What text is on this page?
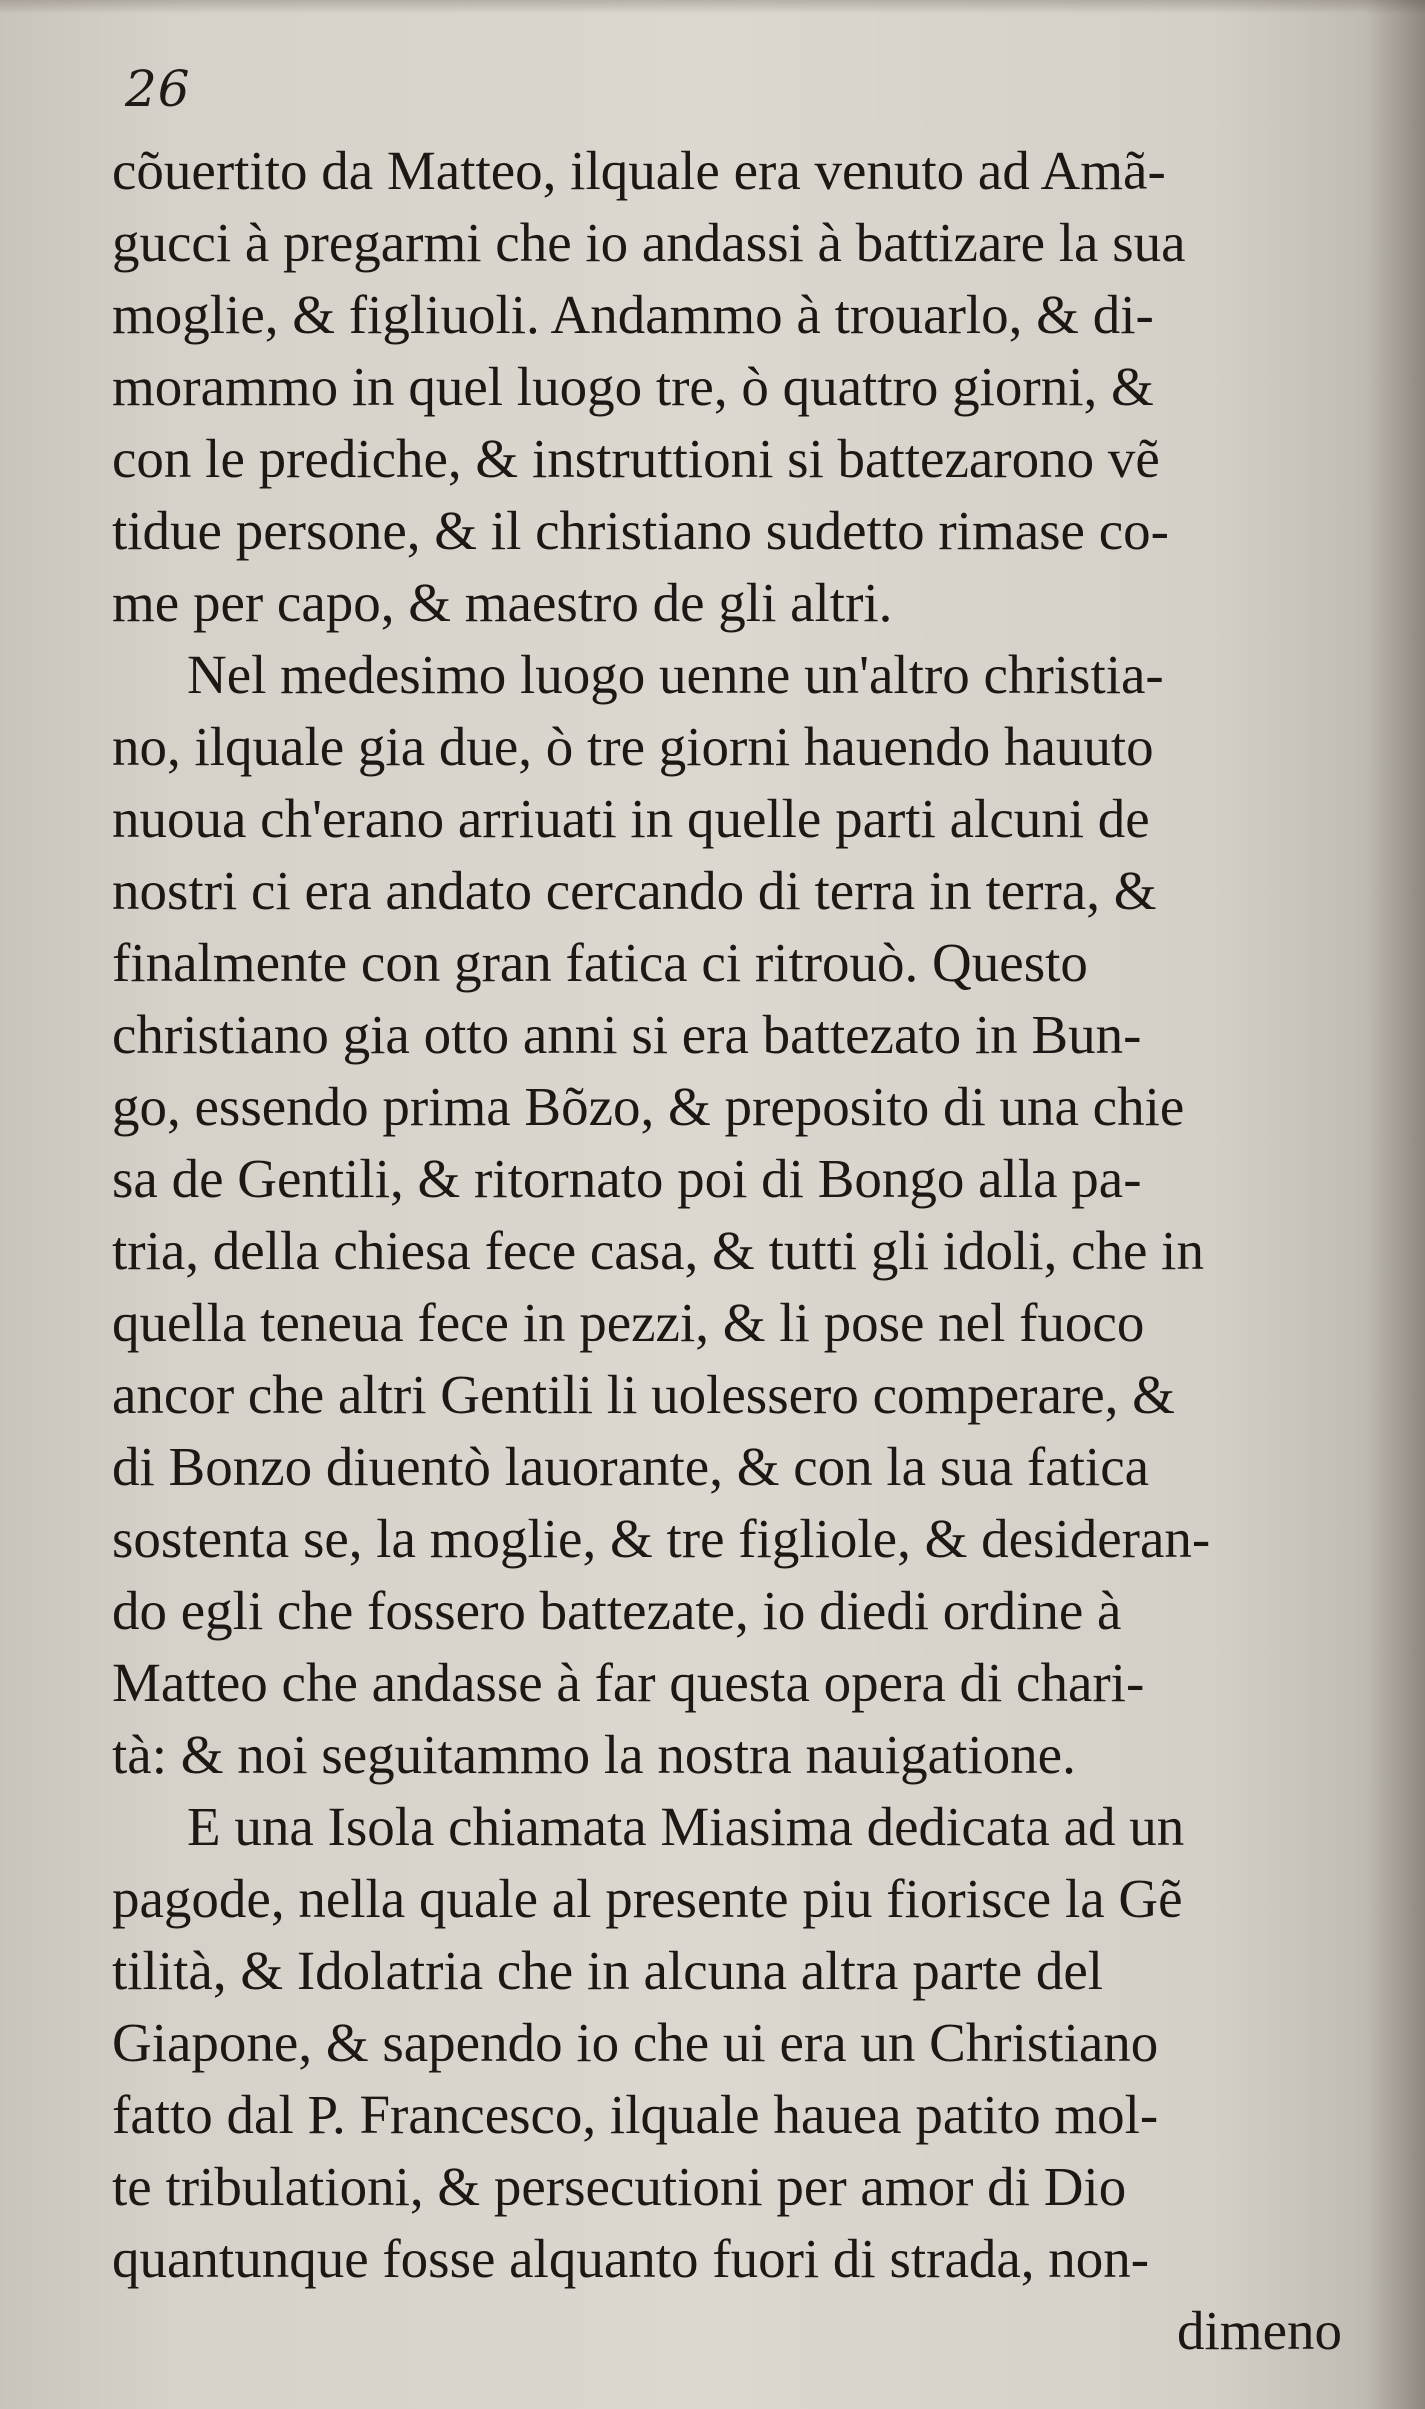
26
cõuertito da Matteo, ilquale era venuto ad Amã-
gucci à pregarmi che io andassi à battizare la sua
moglie, & figliuoli. Andammo à trouarlo, & di-
morammo in quel luogo tre, ò quattro giorni, &
con le prediche, & instruttioni si battezarono vẽ
tidue persone, & il christiano sudetto rimase co-
me per capo, & maestro de gli altri.
Nel medesimo luogo uenne un'altro christia-
no, ilquale gia due, ò tre giorni hauendo hauuto
nuoua ch'erano arriuati in quelle parti alcuni de
nostri ci era andato cercando di terra in terra, &
finalmente con gran fatica ci ritrouò. Questo
christiano gia otto anni si era battezato in Bun-
go, essendo prima Bõzo, & preposito di una chie
sa de Gentili, & ritornato poi di Bongo alla pa-
tria, della chiesa fece casa, & tutti gli idoli, che in
quella teneua fece in pezzi, & li pose nel fuoco
ancor che altri Gentili li uolessero comperare, &
di Bonzo diuentò lauorante, & con la sua fatica
sostenta se, la moglie, & tre figliole, & desideran-
do egli che fossero battezate, io diedi ordine à
Matteo che andasse à far questa opera di chari-
tà: & noi seguitammo la nostra nauigatione.
E una Isola chiamata Miasima dedicata ad un
pagode, nella quale al presente piu fiorisce la Gẽ
tilità, & Idolatria che in alcuna altra parte del
Giapone, & sapendo io che ui era un Christiano
fatto dal P. Francesco, ilquale hauea patito mol-
te tribulationi, & persecutioni per amor di Dio
quantunque fosse alquanto fuori di strada, non-
dimeno
